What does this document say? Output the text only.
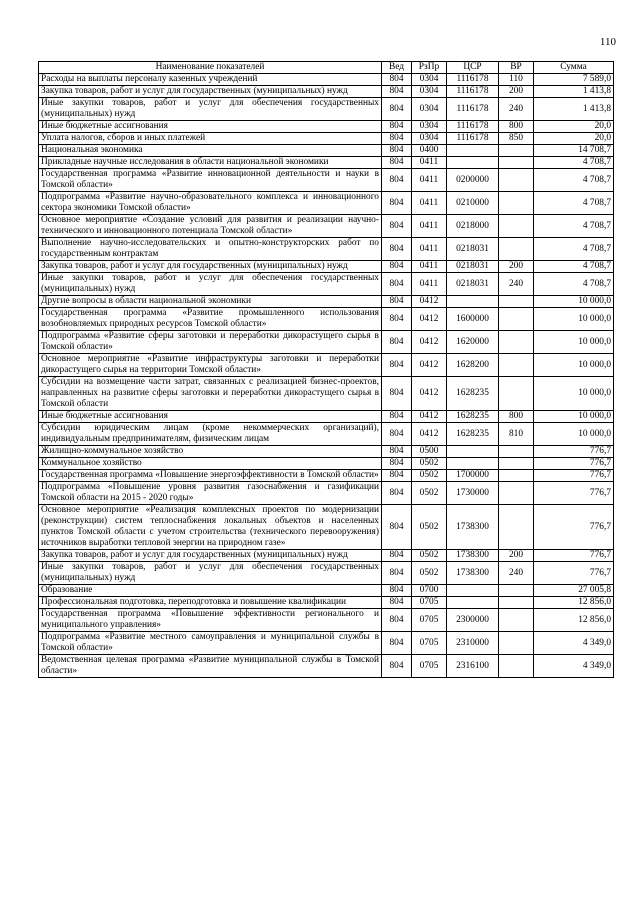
110
Наименование показателей	Вед	РзПр	ЦСР	ВР	Сумма
Расходы на выплаты персоналу казенных учреждений	804	0304	1116178	110	7 589,0
Закупка товаров, работ и услуг для государственных (муниципальных) нужд	804	0304	1116178	200	1 413,8
Иные закупки товаров, работ и услуг для обеспечения государственных (муниципальных) нужд	804	0304	1116178	240	1 413,8
Иные бюджетные ассигнования	804	0304	1116178	800	20,0
Уплата налогов, сборов и иных платежей	804	0304	1116178	850	20,0
Национальная экономика	804	0400			14 708,7
Прикладные научные исследования в области национальной экономики	804	0411			4 708,7
Государственная программа «Развитие инновационной деятельности и науки в Томской области»	804	0411	0200000		4 708,7
Подпрограмма «Развитие научно-образовательного комплекса и инновационного сектора экономики Томской области»	804	0411	0210000		4 708,7
Основное мероприятие «Создание условий для развития и реализации научно-технического и инновационного потенциала Томской области»	804	0411	0218000		4 708,7
Выполнение научно-исследовательских и опытно-конструкторских работ по государственным контрактам	804	0411	0218031		4 708,7
Закупка товаров, работ и услуг для государственных (муниципальных) нужд	804	0411	0218031	200	4 708,7
Иные закупки товаров, работ и услуг для обеспечения государственных (муниципальных) нужд	804	0411	0218031	240	4 708,7
Другие вопросы в области национальной экономики	804	0412			10 000,0
Государственная программа «Развитие промышленного использования возобновляемых природных ресурсов Томской области»	804	0412	1600000		10 000,0
Подпрограмма «Развитие сферы заготовки и переработки дикорастущего сырья в Томской области»	804	0412	1620000		10 000,0
Основное мероприятие «Развитие инфраструктуры заготовки и переработки дикорастущего сырья на территории Томской области»	804	0412	1628200		10 000,0
Субсидии на возмещение части затрат, связанных с реализацией бизнес-проектов, направленных на развитие сферы заготовки и переработки дикорастущего сырья в Томской области	804	0412	1628235		10 000,0
Иные бюджетные ассигнования	804	0412	1628235	800	10 000,0
Субсидии юридическим лицам (кроме некоммерческих организаций), индивидуальным предпринимателям, физическим лицам	804	0412	1628235	810	10 000,0
Жилищно-коммунальное хозяйство	804	0500			776,7
Коммунальное хозяйство	804	0502			776,7
Государственная программа «Повышение энергоэффективности в Томской области»	804	0502	1700000		776,7
Подпрограмма «Повышение уровня развития газоснабжения и газификации Томской области на 2015 - 2020 годы»	804	0502	1730000		776,7
Основное мероприятие «Реализация комплексных проектов по модернизации (реконструкции) систем теплоснабжения локальных объектов и населенных пунктов Томской области с учетом строительства (технического перевооружения) источников выработки тепловой энергии на природном газе»	804	0502	1738300		776,7
Закупка товаров, работ и услуг для государственных (муниципальных) нужд	804	0502	1738300	200	776,7
Иные закупки товаров, работ и услуг для обеспечения государственных (муниципальных) нужд	804	0502	1738300	240	776,7
Образование	804	0700			27 005,8
Профессиональная подготовка, переподготовка и повышение квалификации	804	0705			12 856,0
Государственная программа «Повышение эффективности регионального и муниципального управления»	804	0705	2300000		12 856,0
Подпрограмма «Развитие местного самоуправления и муниципальной службы в Томской области»	804	0705	2310000		4 349,0
Ведомственная целевая программа «Развитие муниципальной службы в Томской области»	804	0705	2316100		4 349,0
